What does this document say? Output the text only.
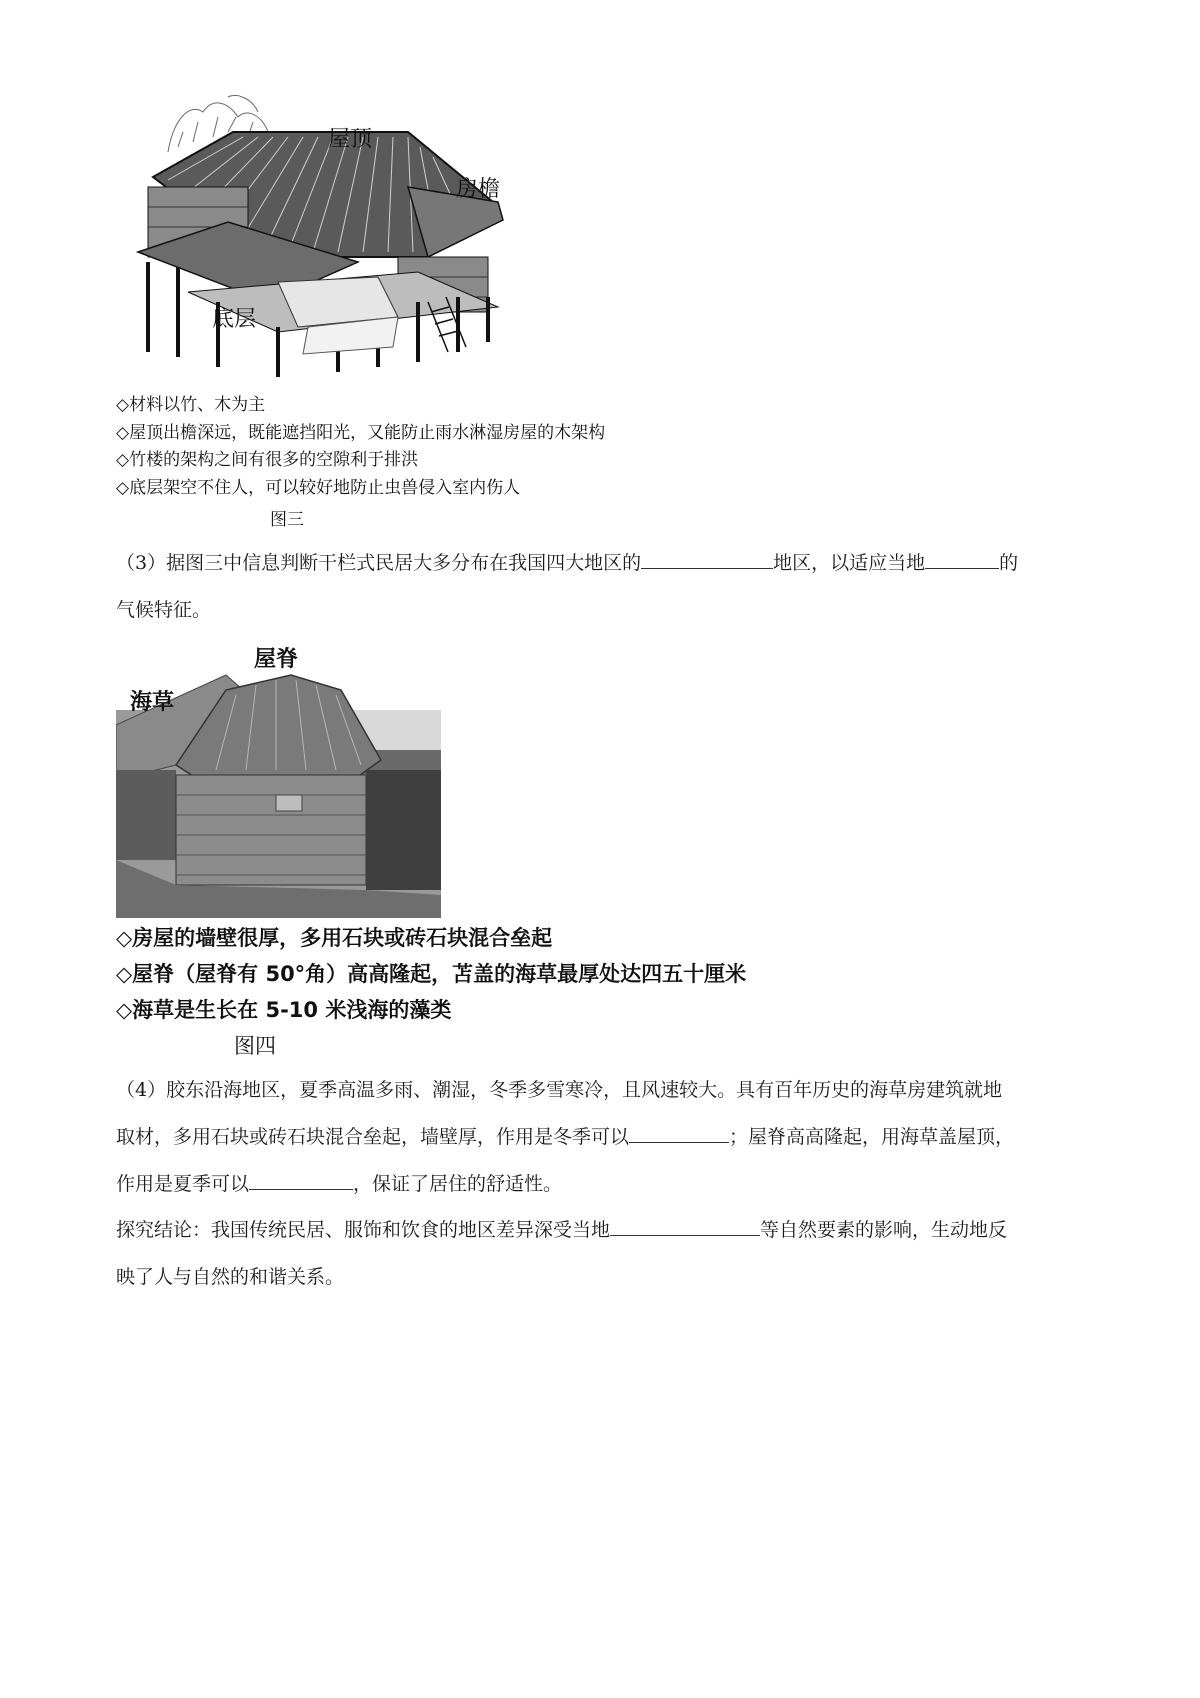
屋顶
房檐
底层
◇材料以竹、木为主
◇屋顶出檐深远，既能遮挡阳光，又能防止雨水淋湿房屋的木架构
◇竹楼的架构之间有很多的空隙利于排洪
◇底层架空不住人，可以较好地防止虫兽侵入室内伤人
图三
（3）据图三中信息判断干栏式民居大多分布在我国四大地区的	地区，以适应当地	的
气候特征。
屋脊
海草
◇房屋的墙壁很厚，多用石块或砖石块混合垒起
◇屋脊（屋脊有 50°角）高高隆起，苫盖的海草最厚处达四五十厘米
◇海草是生长在 5-10 米浅海的藻类
图四
（4）胶东沿海地区，夏季高温多雨、潮湿，冬季多雪寒冷，且风速较大。具有百年历史的海草房建筑就地
取材，多用石块或砖石块混合垒起，墙壁厚，作用是冬季可以	；屋脊高高隆起，用海草盖屋顶，
作用是夏季可以	，保证了居住的舒适性。
探究结论：我国传统民居、服饰和饮食的地区差异深受当地	等自然要素的影响，生动地反
映了人与自然的和谐关系。
